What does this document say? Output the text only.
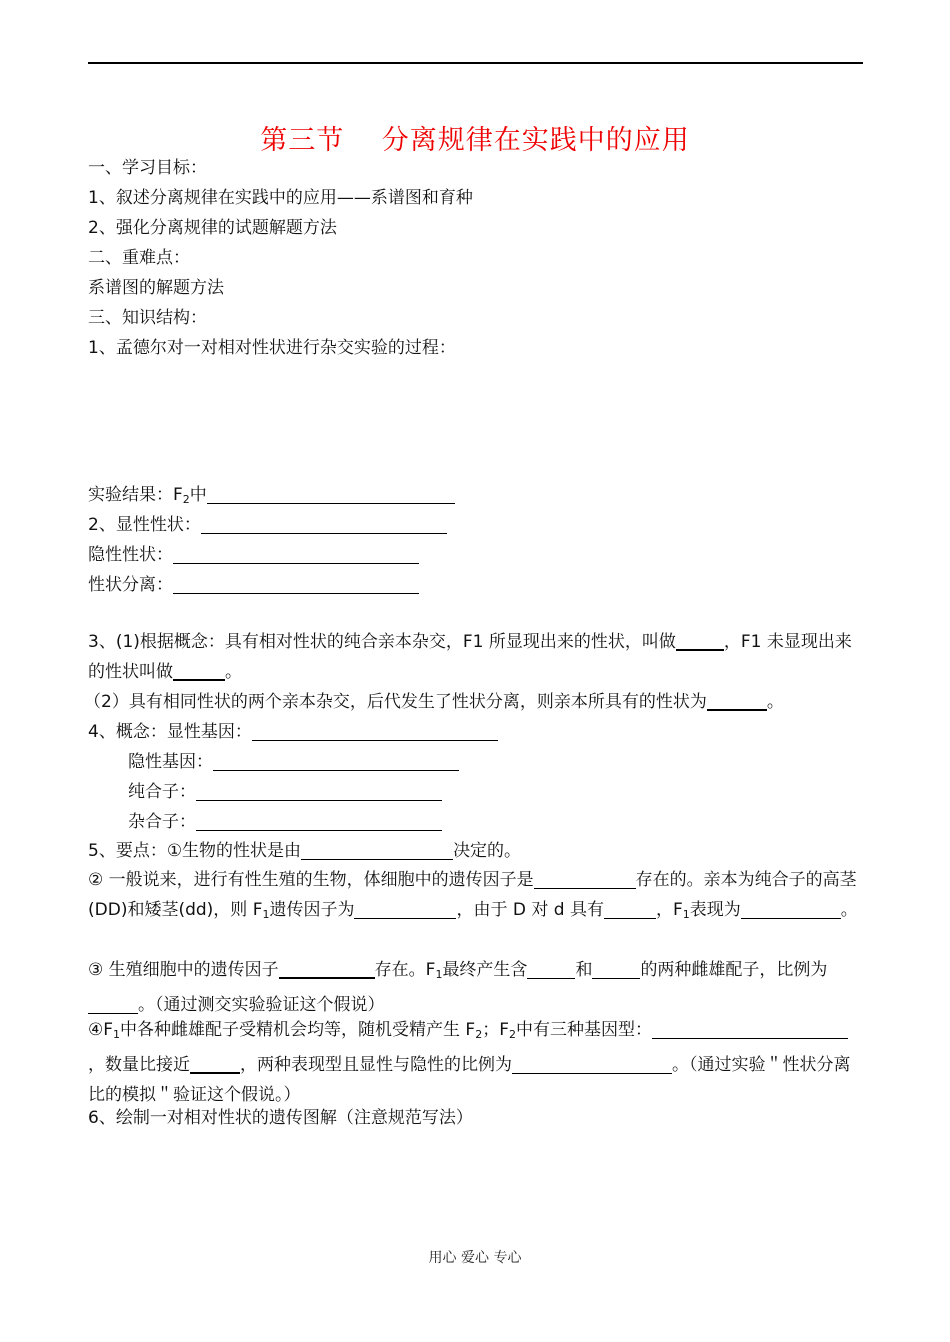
第三节　 分离规律在实践中的应用
一、学习目标：
1、叙述分离规律在实践中的应用——系谱图和育种
2、强化分离规律的试题解题方法
二、重难点：
系谱图的解题方法
三、知识结构：
1、孟德尔对一对相对性状进行杂交实验的过程：
实验结果：$F_2$中
2、显性性状：
隐性性状：
性状分离：
3、(1)根据概念：具有相对性状的纯合亲本杂交，F1 所显现出来的性状，叫做	，F1 未显现出来的性状叫做	。
（2）具有相同性状的两个亲本杂交，后代发生了性状分离，则亲本所具有的性状为	。
4、概念：显性基因：
隐性基因：
纯合子：
杂合子：
5、要点：①生物的性状是由	决定的。
② 一般说来，进行有性生殖的生物，体细胞中的遗传因子是	存在的。亲本为纯合子的高茎(DD)和矮茎(dd)，则 $F_1$遗传因子为	，由于 D 对 d 具有	，$F_1$表现为	。
③ 生殖细胞中的遗传因子	存在。$F_1$最终产生含	和	的两种雌雄配子，比例为。（通过测交实验验证这个假说）
$④F_1$中各种雌雄配子受精机会均等，随机受精产生 $F_2$；$F_2$中有三种基因型：，数量比接近	，两种表现型且显性与隐性的比例为	。（通过实验＂性状分离比的模拟＂验证这个假说。）
6、绘制一对相对性状的遗传图解（注意规范写法）
用心 爱心 专心
